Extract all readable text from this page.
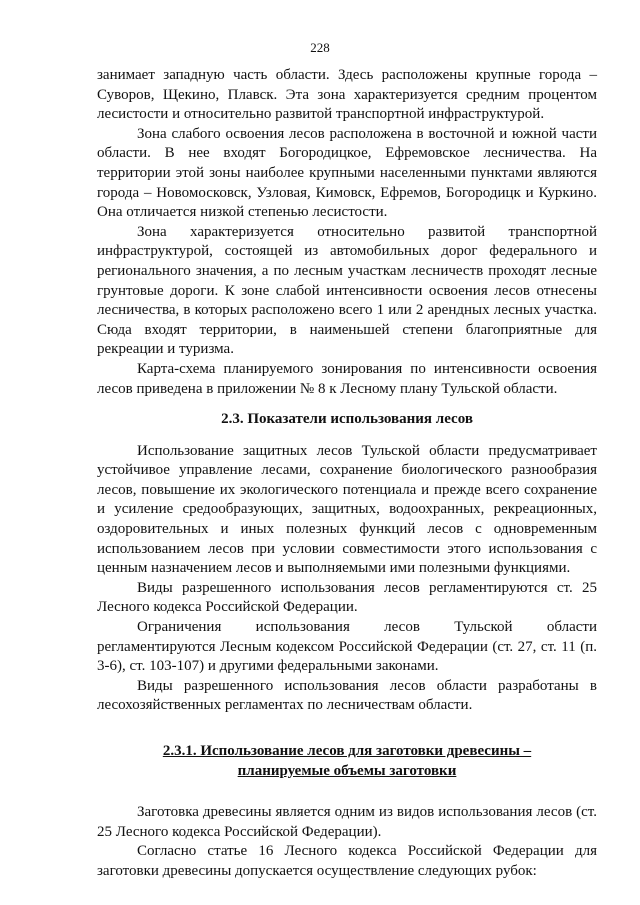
228

занимает западную часть области. Здесь расположены крупные города – Суворов, Щекино, Плавск. Эта зона характеризуется средним процентом лесистости и относительно развитой транспортной инфраструктурой.

Зона слабого освоения лесов расположена в восточной и южной части области. В нее входят Богородицкое, Ефремовское лесничества. На территории этой зоны наиболее крупными населенными пунктами являются города – Новомосковск, Узловая, Кимовск, Ефремов, Богородицк и Куркино. Она отличается низкой степенью лесистости.

Зона характеризуется относительно развитой транспортной инфраструктурой, состоящей из автомобильных дорог федерального и регионального значения, а по лесным участкам лесничеств проходят лесные грунтовые дороги. К зоне слабой интенсивности освоения лесов отнесены лесничества, в которых расположено всего 1 или 2 арендных лесных участка. Сюда входят территории, в наименьшей степени благоприятные для рекреации и туризма.

Карта-схема планируемого зонирования по интенсивности освоения лесов приведена в приложении № 8 к Лесному плану Тульской области.

2.3. Показатели использования лесов

Использование защитных лесов Тульской области предусматривает устойчивое управление лесами, сохранение биологического разнообразия лесов, повышение их экологического потенциала и прежде всего сохранение и усиление средообразующих, защитных, водоохранных, рекреационных, оздоровительных и иных полезных функций лесов с одновременным использованием лесов при условии совместимости этого использования с ценным назначением лесов и выполняемыми ими полезными функциями.

Виды разрешенного использования лесов регламентируются ст. 25 Лесного кодекса Российской Федерации.

Ограничения использования лесов Тульской области регламентируются Лесным кодексом Российской Федерации (ст. 27, ст. 11 (п. 3-6), ст. 103-107) и другими федеральными законами.

Виды разрешенного использования лесов области разработаны в лесохозяйственных регламентах по лесничествам области.

2.3.1. Использование лесов для заготовки древесины –
планируемые объемы заготовки

Заготовка древесины является одним из видов использования лесов (ст. 25 Лесного кодекса Российской Федерации).

Согласно статье 16 Лесного кодекса Российской Федерации для заготовки древесины допускается осуществление следующих рубок:
